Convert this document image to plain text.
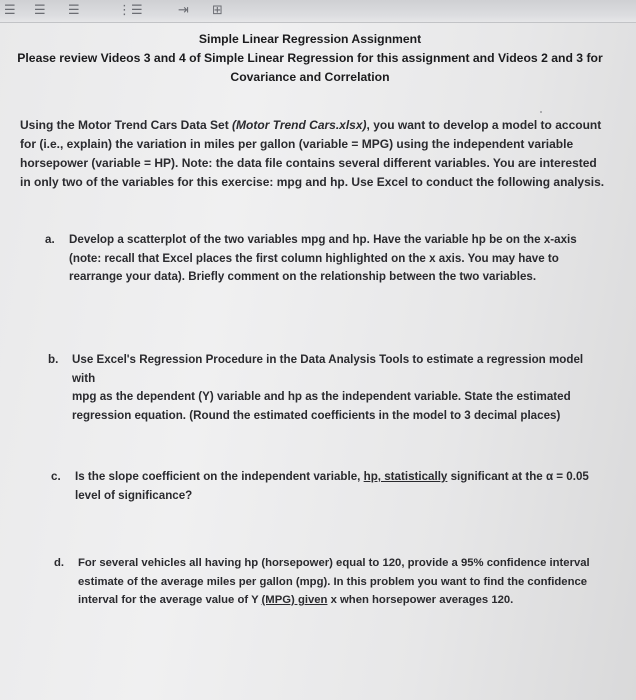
☰ ☰ ☰	⋮☰	⇥ ⊞
Simple Linear Regression Assignment
Please review Videos 3 and 4 of Simple Linear Regression for this assignment and Videos 2 and 3 for
Covariance and Correlation
Using the Motor Trend Cars Data Set (Motor Trend Cars.xlsx), you want to develop a model to account for (i.e., explain) the variation in miles per gallon (variable = MPG) using the independent variable horsepower (variable = HP). Note: the data file contains several different variables. You are interested in only two of the variables for this exercise: mpg and hp. Use Excel to conduct the following analysis.
a. Develop a scatterplot of the two variables mpg and hp. Have the variable hp be on the x-axis
(note: recall that Excel places the first column highlighted on the x axis. You may have to
rearrange your data). Briefly comment on the relationship between the two variables.
b. Use Excel's Regression Procedure in the Data Analysis Tools to estimate a regression model with
mpg as the dependent (Y) variable and hp as the independent variable. State the estimated
regression equation. (Round the estimated coefficients in the model to 3 decimal places)
c. Is the slope coefficient on the independent variable, hp, statistically significant at the α = 0.05
level of significance?
d. For several vehicles all having hp (horsepower) equal to 120, provide a 95% confidence interval
estimate of the average miles per gallon (mpg). In this problem you want to find the confidence
interval for the average value of Y (MPG) given x when horsepower averages 120.
